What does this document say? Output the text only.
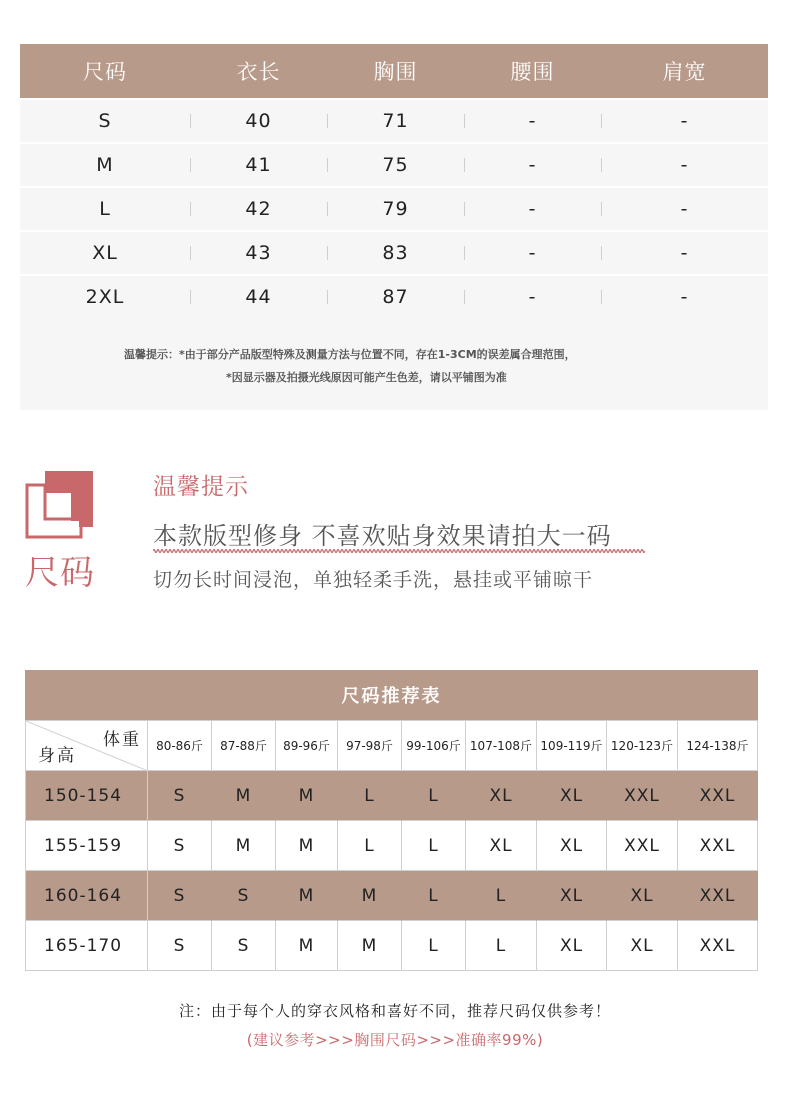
尺码	衣长	胸围	腰围	肩宽
S	40	71	-	-
M	41	75	-	-
L	42	79	-	-
XL	43	83	-	-
2XL	44	87	-	-

温馨提示：*由于部分产品版型特殊及测量方法与位置不同，存在1-3CM的误差属合理范围，

*因显示器及拍摄光线原因可能产生色差，请以平铺图为准

尺码
温馨提示
本款版型修身 不喜欢贴身效果请拍大一码
切勿长时间浸泡，单独轻柔手洗，悬挂或平铺晾干
尺码推荐表
体重
身高	80-86斤	87-88斤	89-96斤	97-98斤	99-106斤 107-108斤 109-119斤 120-123斤	124-138斤
150-154	S	M	M	L	L	XL	XL	XXL	XXL
155-159	S	M	M	L	L	XL	XL	XXL	XXL
160-164	S	S	M	M	L	L	XL	XL	XXL
165-170	S	S	M	M	L	L	XL	XL	XXL
注：由于每个人的穿衣风格和喜好不同，推荐尺码仅供参考！
(建议参考>>>胸围尺码>>>准确率99%)
